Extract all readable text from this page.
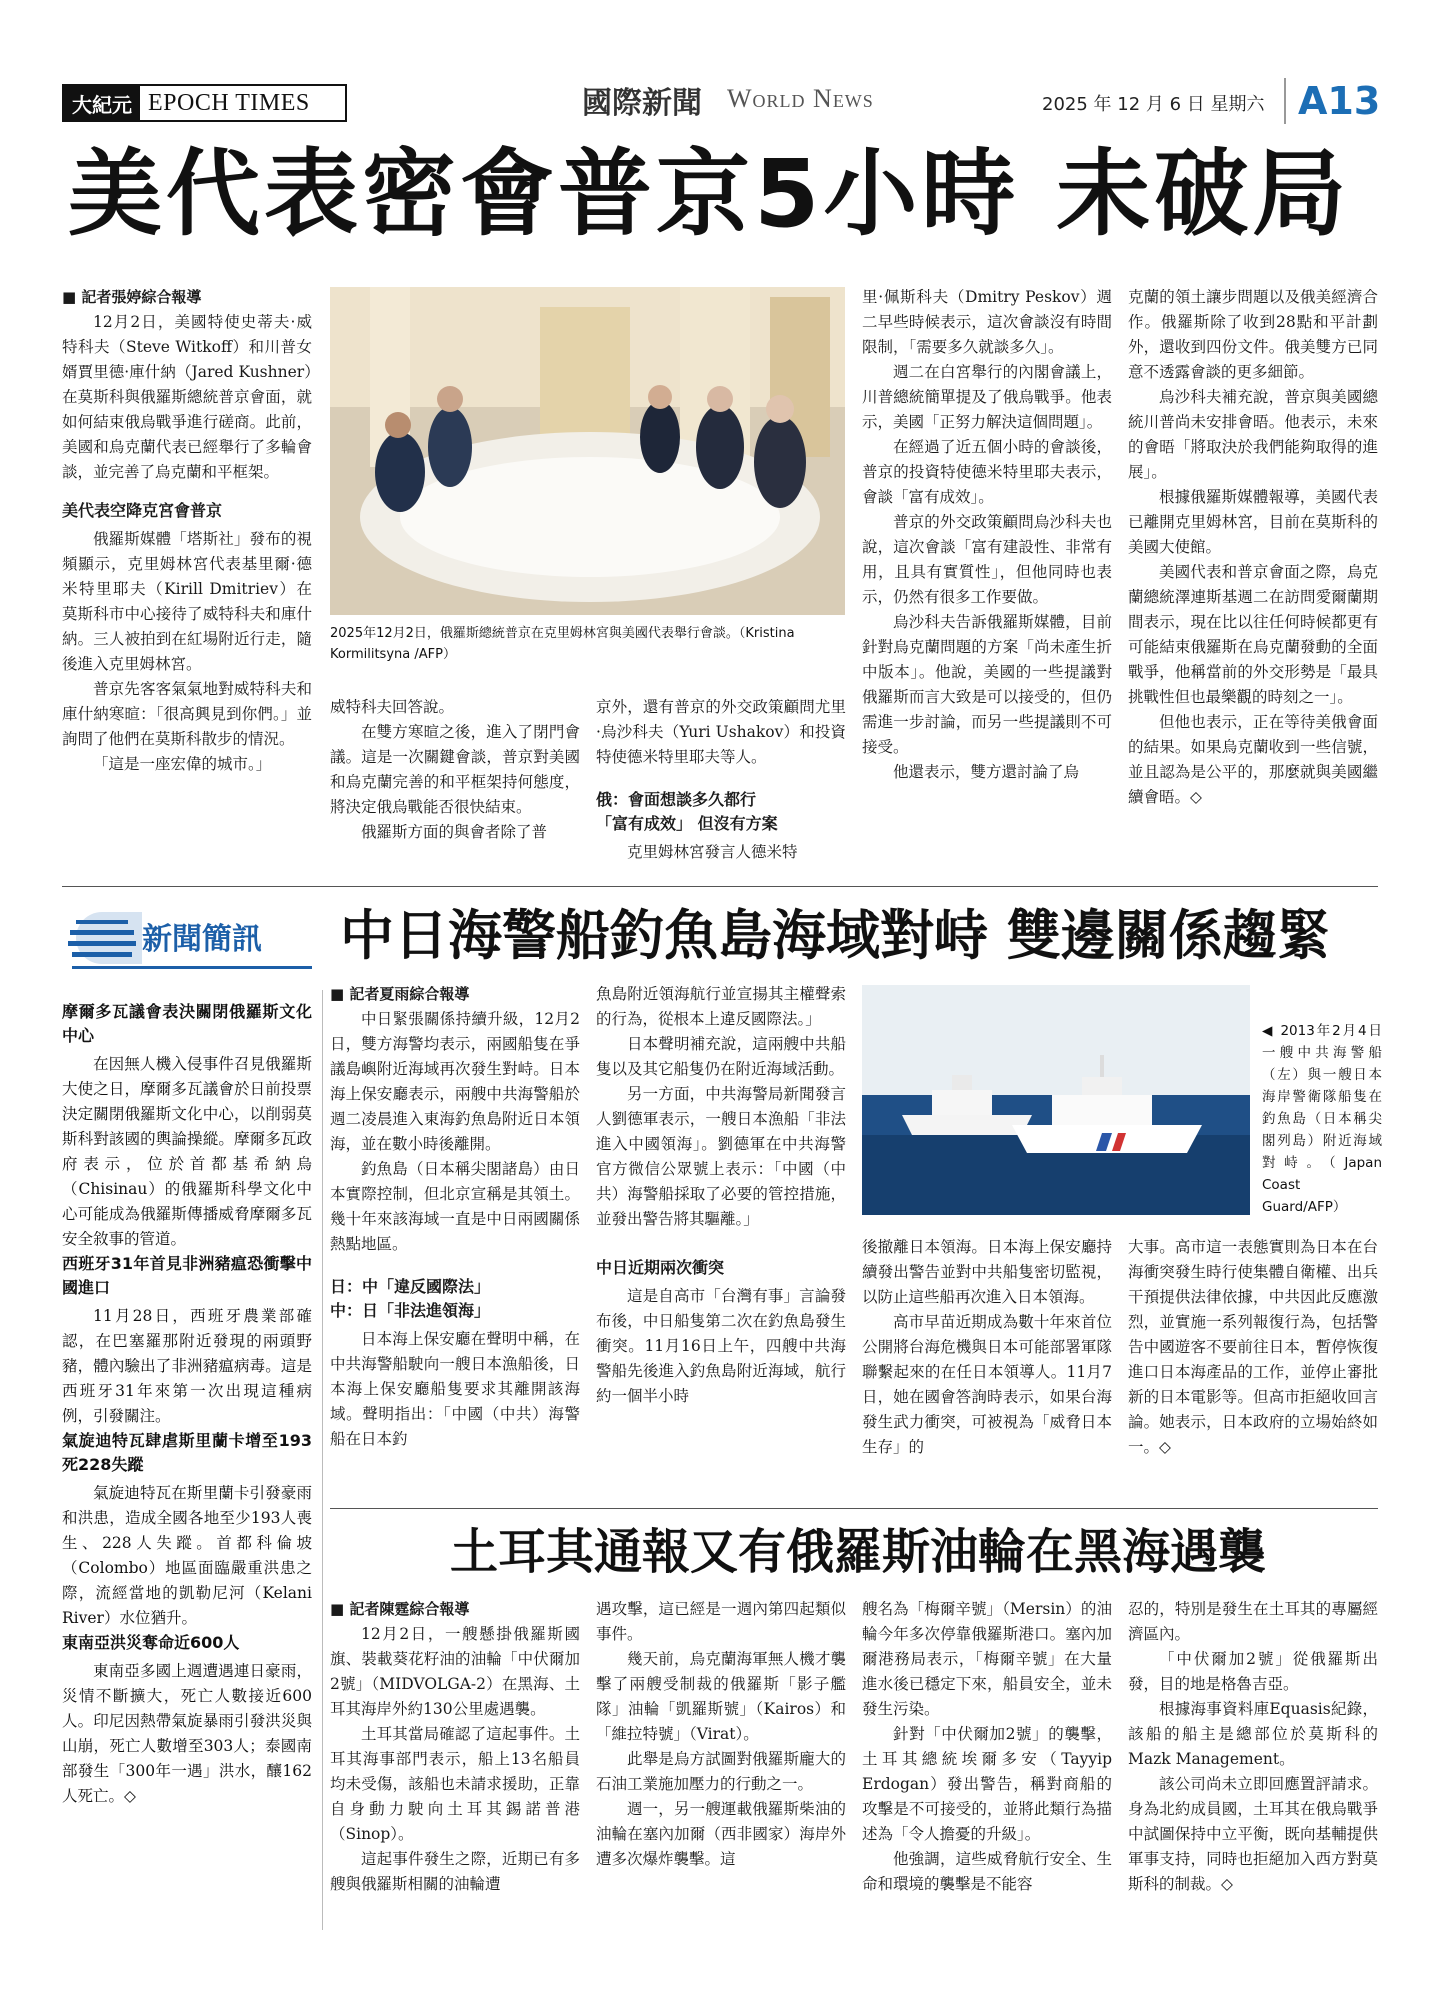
大紀元 EPOCH TIMES	國際新聞 World News	2025 年 12 月 6 日 星期六 A13
美代表密會普京5小時 未破局

■ 記者張婷綜合報導

12月2日，美國特使史蒂夫·威特科夫（Steve Witkoff）和川普女婿賈里德·庫什納（Jared Kushner）在莫斯科與俄羅斯總統普京會面，就如何結束俄烏戰爭進行磋商。此前，美國和烏克蘭代表已經舉行了多輪會談，並完善了烏克蘭和平框架。

美代表空降克宮會普京

俄羅斯媒體「塔斯社」發布的視頻顯示，克里姆林宮代表基里爾·德米特里耶夫（Kirill Dmitriev）在莫斯科市中心接待了威特科夫和庫什納。三人被拍到在紅場附近行走，隨後進入克里姆林宮。

普京先客客氣氣地對威特科夫和庫什納寒暄：「很高興見到你們。」並詢問了他們在莫斯科散步的情況。

「這是一座宏偉的城市。」

2025年12月2日，俄羅斯總統普京在克里姆林宮與美國代表舉行會談。（Kristina Kormilitsyna /AFP）

威特科夫回答說。

在雙方寒暄之後，進入了閉門會議。這是一次關鍵會談，普京對美國和烏克蘭完善的和平框架持何態度，將決定俄烏戰能否很快結束。

俄羅斯方面的與會者除了普

京外，還有普京的外交政策顧問尤里·烏沙科夫（Yuri Ushakov）和投資特使德米特里耶夫等人。

俄：會面想談多久都行

「富有成效」 但沒有方案

克里姆林宮發言人德米特

里·佩斯科夫（Dmitry Peskov）週二早些時候表示，這次會談沒有時間限制，「需要多久就談多久」。

週二在白宮舉行的內閣會議上，川普總統簡單提及了俄烏戰爭。他表示，美國「正努力解決這個問題」。

在經過了近五個小時的會談後，普京的投資特使德米特里耶夫表示，會談「富有成效」。

普京的外交政策顧問烏沙科夫也說，這次會談「富有建設性、非常有用，且具有實質性」，但他同時也表示，仍然有很多工作要做。

烏沙科夫告訴俄羅斯媒體，目前針對烏克蘭問題的方案「尚未產生折中版本」。他說，美國的一些提議對俄羅斯而言大致是可以接受的，但仍需進一步討論，而另一些提議則不可接受。

他還表示，雙方還討論了烏

克蘭的領土讓步問題以及俄美經濟合作。俄羅斯除了收到28點和平計劃外，還收到四份文件。俄美雙方已同意不透露會談的更多細節。

烏沙科夫補充說，普京與美國總統川普尚未安排會晤。他表示，未來的會晤「將取決於我們能夠取得的進展」。

根據俄羅斯媒體報導，美國代表已離開克里姆林宮，目前在莫斯科的美國大使館。

美國代表和普京會面之際，烏克蘭總統澤連斯基週二在訪問愛爾蘭期間表示，現在比以往任何時候都更有可能結束俄羅斯在烏克蘭發動的全面戰爭，他稱當前的外交形勢是「最具挑戰性但也最樂觀的時刻之一」。

但他也表示，正在等待美俄會面的結果。如果烏克蘭收到一些信號，並且認為是公平的，那麼就與美國繼續會晤。◇

新聞簡訊

摩爾多瓦議會表決關閉俄羅斯文化中心

在因無人機入侵事件召見俄羅斯大使之日，摩爾多瓦議會於日前投票決定關閉俄羅斯文化中心，以削弱莫斯科對該國的輿論操縱。摩爾多瓦政府表示，位於首都基希納烏（Chisinau）的俄羅斯科學文化中心可能成為俄羅斯傳播威脅摩爾多瓦安全敘事的管道。

西班牙31年首見非洲豬瘟恐衝擊中國進口

11月28日，西班牙農業部確認，在巴塞羅那附近發現的兩頭野豬，體內驗出了非洲豬瘟病毒。這是西班牙31年來第一次出現這種病例，引發關注。

氣旋迪特瓦肆虐斯里蘭卡增至193死228失蹤

氣旋迪特瓦在斯里蘭卡引發豪雨和洪患，造成全國各地至少193人喪生、228人失蹤。首都科倫坡（Colombo）地區面臨嚴重洪患之際，流經當地的凱勒尼河（Kelani River）水位猶升。

東南亞洪災奪命近600人

東南亞多國上週遭遇連日豪雨，災情不斷擴大，死亡人數接近600人。印尼因熱帶氣旋暴雨引發洪災與山崩，死亡人數增至303人；泰國南部發生「300年一遇」洪水，釀162人死亡。◇

中日海警船釣魚島海域對峙 雙邊關係趨緊

■ 記者夏雨綜合報導

中日緊張關係持續升級，12月2日，雙方海警均表示，兩國船隻在爭議島嶼附近海域再次發生對峙。日本海上保安廳表示，兩艘中共海警船於週二凌晨進入東海釣魚島附近日本領海，並在數小時後離開。

釣魚島（日本稱尖閣諸島）由日本實際控制，但北京宣稱是其領土。幾十年來該海域一直是中日兩國關係熱點地區。

日：中「違反國際法」

中：日「非法進領海」

日本海上保安廳在聲明中稱，在中共海警船駛向一艘日本漁船後，日本海上保安廳船隻要求其離開該海域。聲明指出：「中國（中共）海警船在日本釣

魚島附近領海航行並宣揚其主權聲索的行為，從根本上違反國際法。」

日本聲明補充說，這兩艘中共船隻以及其它船隻仍在附近海域活動。

另一方面，中共海警局新聞發言人劉德軍表示，一艘日本漁船「非法進入中國領海」。劉德軍在中共海警官方微信公眾號上表示：「中國（中共）海警船採取了必要的管控措施，並發出警告將其驅離。」

中日近期兩次衝突

這是自高市「台灣有事」言論發布後，中日船隻第二次在釣魚島發生衝突。11月16日上午，四艘中共海警船先後進入釣魚島附近海域，航行約一個半小時

◀ 2013年2月4日一艘中共海警船（左）與一艘日本海岸警衛隊船隻在釣魚島（日本稱尖閣列島）附近海域對峙。（Japan Coast Guard/AFP）

後撤離日本領海。日本海上保安廳持續發出警告並對中共船隻密切監視，以防止這些船再次進入日本領海。

高市早苗近期成為數十年來首位公開將台海危機與日本可能部署軍隊聯繫起來的在任日本領導人。11月7日，她在國會答詢時表示，如果台海發生武力衝突，可被視為「威脅日本生存」的

大事。高市這一表態實則為日本在台海衝突發生時行使集體自衛權、出兵干預提供法律依據，中共因此反應激烈，並實施一系列報復行為，包括警告中國遊客不要前往日本，暫停恢復進口日本海產品的工作，並停止審批新的日本電影等。但高市拒絕收回言論。她表示，日本政府的立場始終如一。◇

土耳其通報又有俄羅斯油輪在黑海遇襲

■ 記者陳霆綜合報導

12月2日，一艘懸掛俄羅斯國旗、裝載葵花籽油的油輪「中伏爾加2號」（MIDVOLGA-2）在黑海、土耳其海岸外約130公里處遇襲。

土耳其當局確認了這起事件。土耳其海事部門表示，船上13名船員均未受傷，該船也未請求援助，正靠自身動力駛向土耳其錫諾普港（Sinop）。

這起事件發生之際，近期已有多艘與俄羅斯相關的油輪遭

遇攻擊，這已經是一週內第四起類似事件。

幾天前，烏克蘭海軍無人機才襲擊了兩艘受制裁的俄羅斯「影子艦隊」油輪「凱羅斯號」（Kairos）和「維拉特號」（Virat）。

此舉是烏方試圖對俄羅斯龐大的石油工業施加壓力的行動之一。

週一，另一艘運載俄羅斯柴油的油輪在塞內加爾（西非國家）海岸外遭多次爆炸襲擊。這

艘名為「梅爾辛號」（Mersin）的油輪今年多次停靠俄羅斯港口。塞內加爾港務局表示，「梅爾辛號」在大量進水後已穩定下來，船員安全，並未發生污染。

針對「中伏爾加2號」的襲擊，土耳其總統埃爾多安（Tayyip Erdogan）發出警告，稱對商船的攻擊是不可接受的，並將此類行為描述為「令人擔憂的升級」。

他強調，這些威脅航行安全、生命和環境的襲擊是不能容

忍的，特別是發生在土耳其的專屬經濟區內。

「中伏爾加2號」從俄羅斯出發，目的地是格魯吉亞。

根據海事資料庫Equasis紀錄，該船的船主是總部位於莫斯科的Mazk Management。

該公司尚未立即回應置評請求。身為北約成員國，土耳其在俄烏戰爭中試圖保持中立平衡，既向基輔提供軍事支持，同時也拒絕加入西方對莫斯科的制裁。◇
